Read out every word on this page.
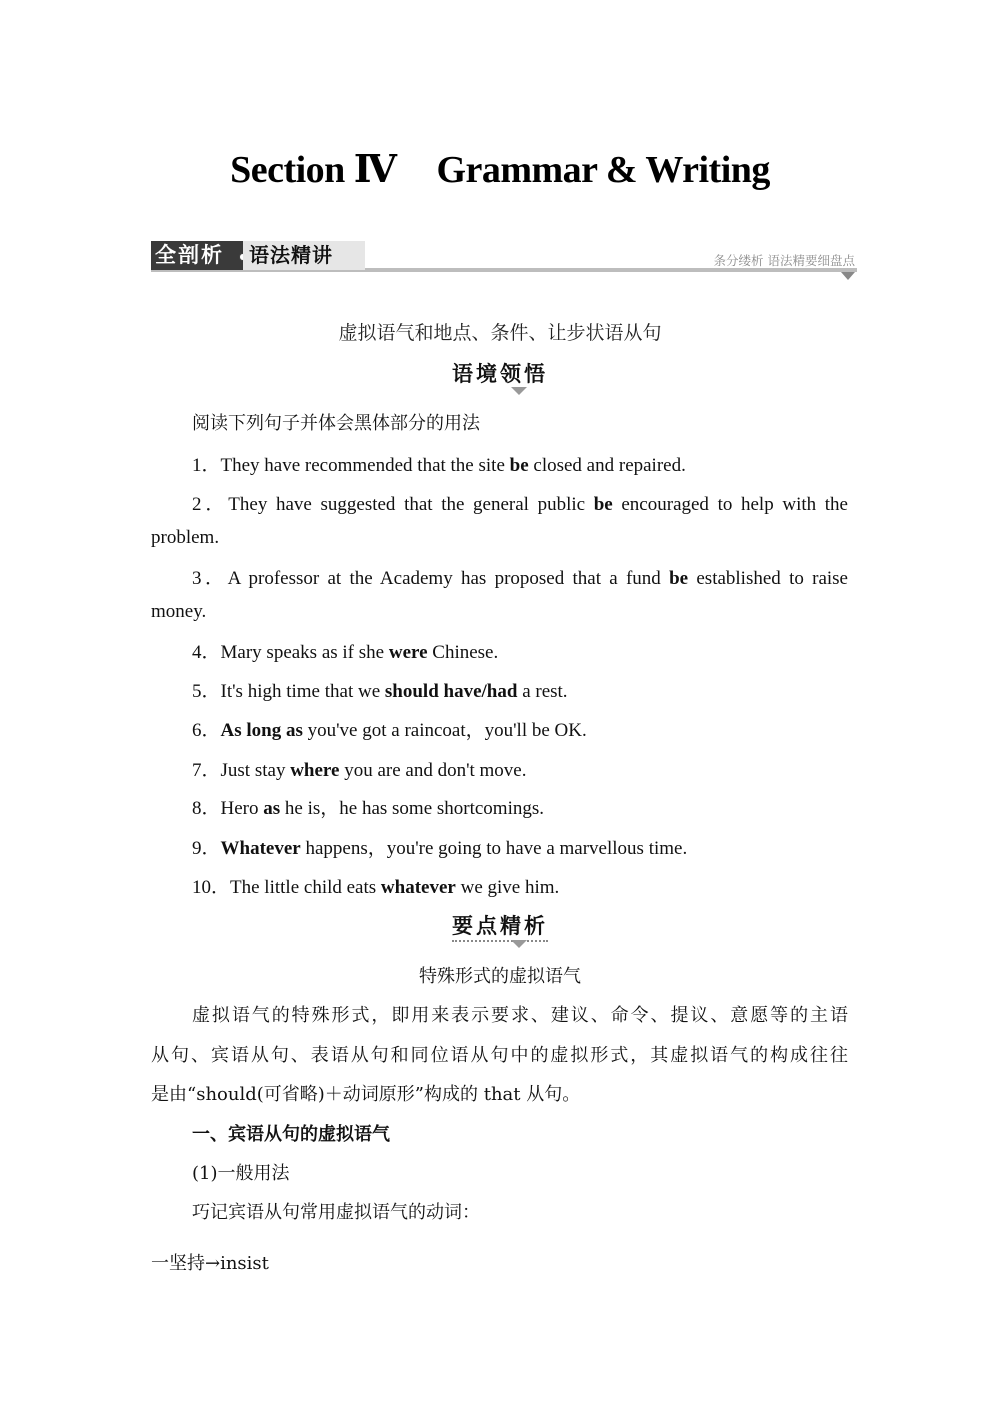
Section Ⅳ Grammar & Writing
全剖析	语法精讲	条分缕析 语法精要细盘点
虚拟语气和地点、条件、让步状语从句
语境领悟
阅读下列句子并体会黑体部分的用法
1．They have recommended that the site be closed and repaired.
2．They have suggested that the general public be encouraged to help with the
problem.
3．A professor at the Academy has proposed that a fund be established to raise
money.
4．Mary speaks as if she were Chinese.
5．It's high time that we should have/had a rest.
6．As long as you've got a raincoat，you'll be OK.
7．Just stay where you are and don't move.
8．Hero as he is，he has some shortcomings.
9．Whatever happens，you're going to have a marvellous time.
10．The little child eats whatever we give him.
要点精析
特殊形式的虚拟语气
虚拟语气的特殊形式，即用来表示要求、建议、命令、提议、意愿等的主语
从句、宾语从句、表语从句和同位语从句中的虚拟形式，其虚拟语气的构成往往
是由“should(可省略)＋动词原形”构成的 that 从句。
一、宾语从句的虚拟语气
(1)一般用法
巧记宾语从句常用虚拟语气的动词：
一坚持→insist
